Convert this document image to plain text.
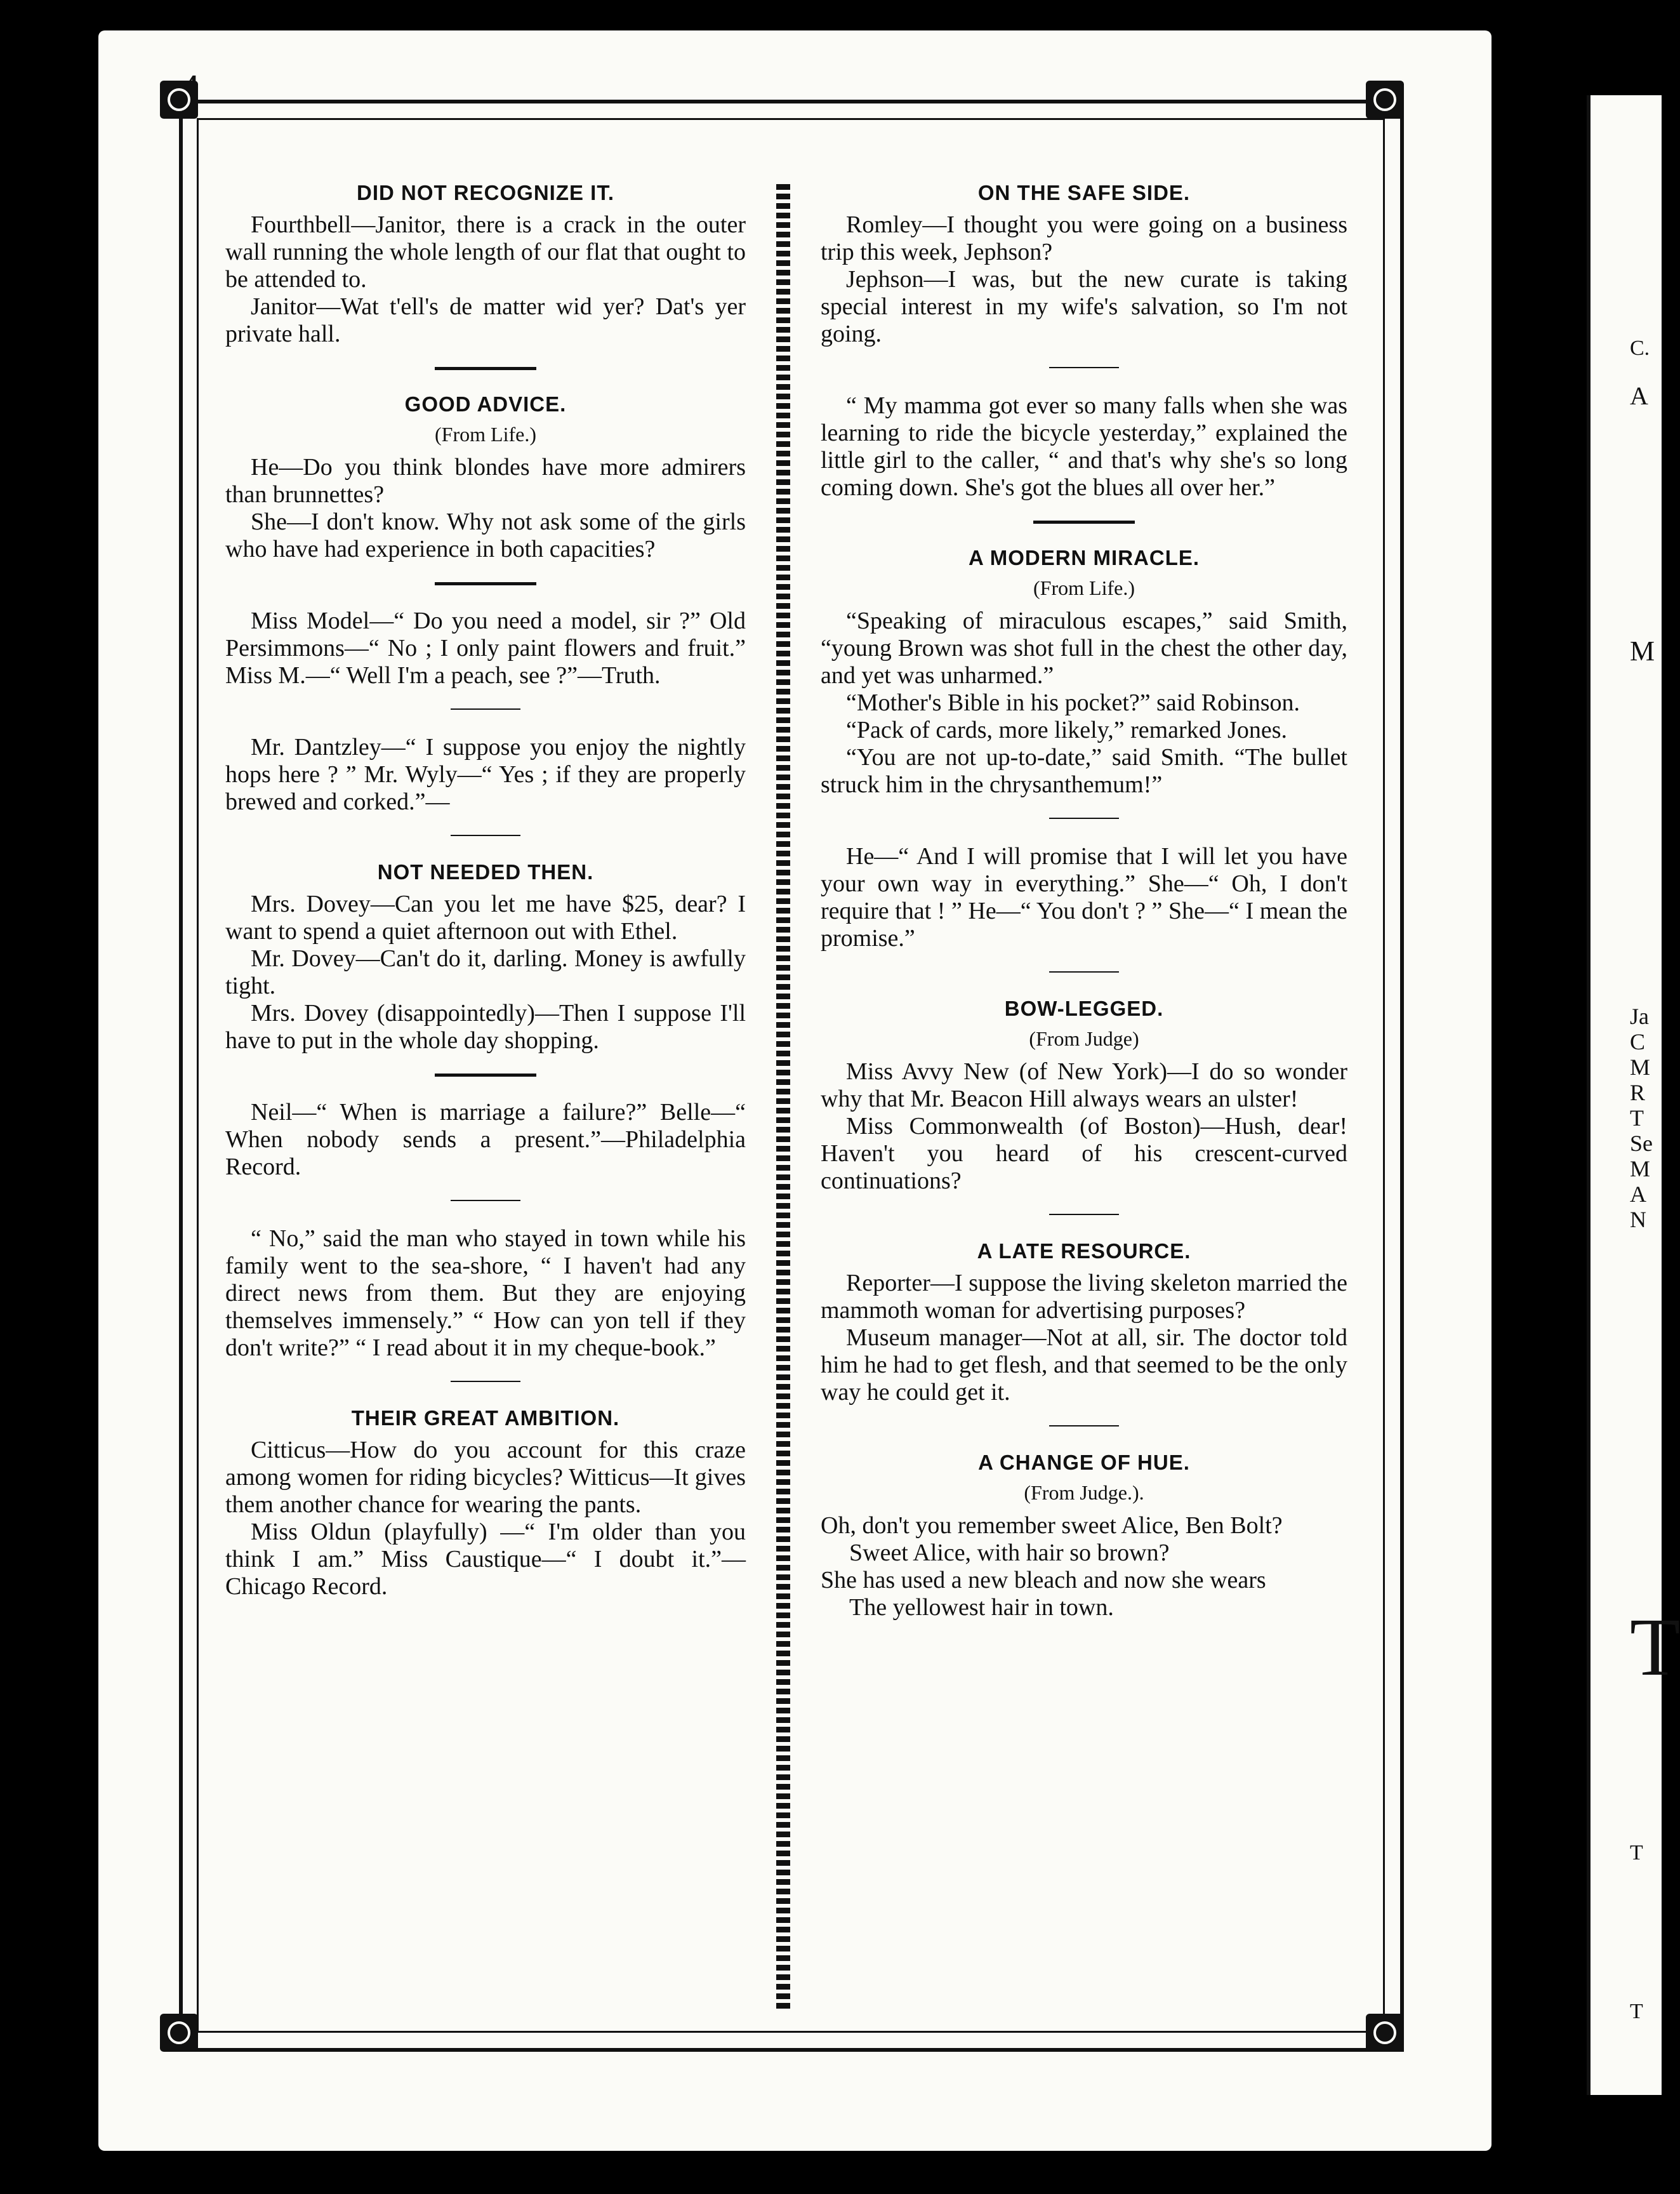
DID NOT RECOGNIZE IT.

Fourthbell—Janitor, there is a crack in the outer wall running the whole length of our flat that ought to be attended to.

Janitor—Wat t'ell's de matter wid yer? Dat's yer private hall.

GOOD ADVICE.
(From Life.)

He—Do you think blondes have more admirers than brunnettes?

She—I don't know. Why not ask some of the girls who have had experience in both capacities?

Miss Model—“ Do you need a model, sir ?” Old Persimmons—“ No ; I only paint flowers and fruit.” Miss M.—“ Well I'm a peach, see ?”—Truth.

Mr. Dantzley—“ I suppose you enjoy the nightly hops here ? ” Mr. Wyly—“ Yes ; if they are properly brewed and corked.”—

NOT NEEDED THEN.

Mrs. Dovey—Can you let me have $25, dear? I want to spend a quiet afternoon out with Ethel.

Mr. Dovey—Can't do it, darling. Money is awfully tight.

Mrs. Dovey (disappointedly)—Then I suppose I'll have to put in the whole day shopping.

Neil—“ When is marriage a failure?” Belle—“ When nobody sends a present.”—Philadelphia Record.

“ No,” said the man who stayed in town while his family went to the sea-shore, “ I haven't had any direct news from them. But they are enjoying themselves immensely.” “ How can yon tell if they don't write?” “ I read about it in my cheque-book.”

THEIR GREAT AMBITION.

Citticus—How do you account for this craze among women for riding bicycles? Witticus—It gives them another chance for wearing the pants.

Miss Oldun (playfully) —“ I'm older than you think I am.” Miss Caustique—“ I doubt it.”—Chicago Record.

ON THE SAFE SIDE.

Romley—I thought you were going on a business trip this week, Jephson?

Jephson—I was, but the new curate is taking special interest in my wife's salvation, so I'm not going.

“ My mamma got ever so many falls when she was learning to ride the bicycle yesterday,” explained the little girl to the caller, “ and that's why she's so long coming down. She's got the blues all over her.”

A MODERN MIRACLE.
(From Life.)

“Speaking of miraculous escapes,” said Smith, “young Brown was shot full in the chest the other day, and yet was unharmed.”

“Mother's Bible in his pocket?” said Robinson.

“Pack of cards, more likely,” remarked Jones.

“You are not up-to-date,” said Smith. “The bullet struck him in the chrysanthemum!”

He—“ And I will promise that I will let you have your own way in everything.” She—“ Oh, I don't require that ! ” He—“ You don't ? ” She—“ I mean the promise.”

BOW-LEGGED.
(From Judge)

Miss Avvy New (of New York)—I do so wonder why that Mr. Beacon Hill always wears an ulster!

Miss Commonwealth (of Boston)—Hush, dear! Haven't you heard of his crescent-curved continuations?

A LATE RESOURCE.

Reporter—I suppose the living skeleton married the mammoth woman for advertising purposes?

Museum manager—Not at all, sir. The doctor told him he had to get flesh, and that seemed to be the only way he could get it.

A CHANGE OF HUE.
(From Judge.).
Oh, don't you remember sweet Alice, Ben Bolt?
Sweet Alice, with hair so brown?
She has used a new bleach and now she wears
The yellowest hair in town.
C.
A
M
Ja
C
M
R
T
Se
M
A
N
T
T
T
